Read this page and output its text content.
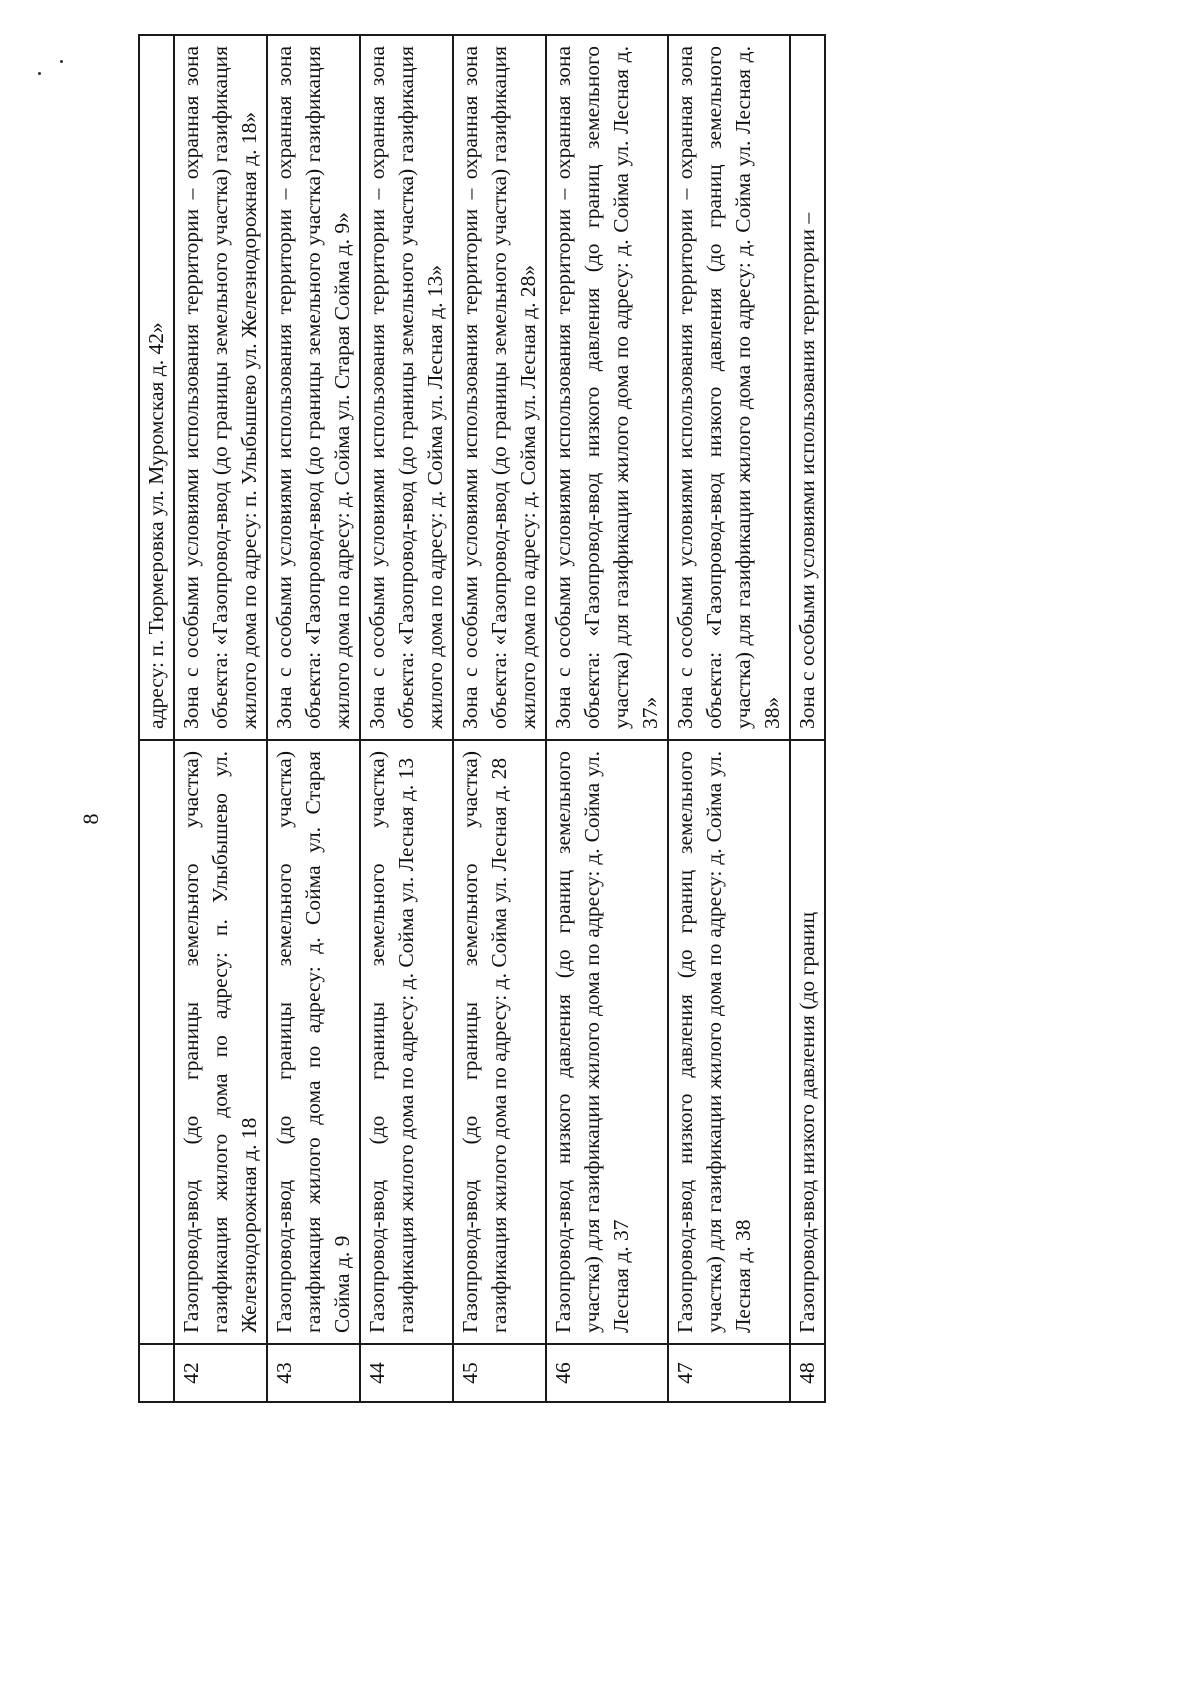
8
		адресу: п. Тюрмеровка ул. Муромская д. 42»
42	Газопровод-ввод (до границы земельного участка) газификация жилого дома по адресу: п. Улыбышево ул. Железнодорожная д. 18	Зона с особыми условиями использования территории – охранная зона объекта: «Газопровод-ввод (до границы земельного участка) газификация жилого дома по адресу: п. Улыбышево ул. Железнодорожная д. 18»
43	Газопровод-ввод (до границы земельного участка) газификация жилого дома по адресу: д. Сойма ул. Старая Сойма д. 9	Зона с особыми условиями использования территории – охранная зона объекта: «Газопровод-ввод (до границы земельного участка) газификация жилого дома по адресу: д. Сойма ул. Старая Сойма д. 9»
44	Газопровод-ввод (до границы земельного участка) газификация жилого дома по адресу: д. Сойма ул. Лесная д. 13	Зона с особыми условиями использования территории – охранная зона объекта: «Газопровод-ввод (до границы земельного участка) газификация жилого дома по адресу: д. Сойма ул. Лесная д. 13»
45	Газопровод-ввод (до границы земельного участка) газификация жилого дома по адресу: д. Сойма ул. Лесная д. 28	Зона с особыми условиями использования территории – охранная зона объекта: «Газопровод-ввод (до границы земельного участка) газификация жилого дома по адресу: д. Сойма ул. Лесная д. 28»
46	Газопровод-ввод низкого давления (до границ земельного участка) для газификации жилого дома по адресу: д. Сойма ул. Лесная д. 37	Зона с особыми условиями использования территории – охранная зона объекта: «Газопровод-ввод низкого давления (до границ земельного участка) для газификации жилого дома по адресу: д. Сойма ул. Лесная д. 37»
47	Газопровод-ввод низкого давления (до границ земельного участка) для газификации жилого дома по адресу: д. Сойма ул. Лесная д. 38	Зона с особыми условиями использования территории – охранная зона объекта: «Газопровод-ввод низкого давления (до границ земельного участка) для газификации жилого дома по адресу: д. Сойма ул. Лесная д. 38»
48	Газопровод-ввод низкого давления (до границ	Зона с особыми условиями использования территории –
